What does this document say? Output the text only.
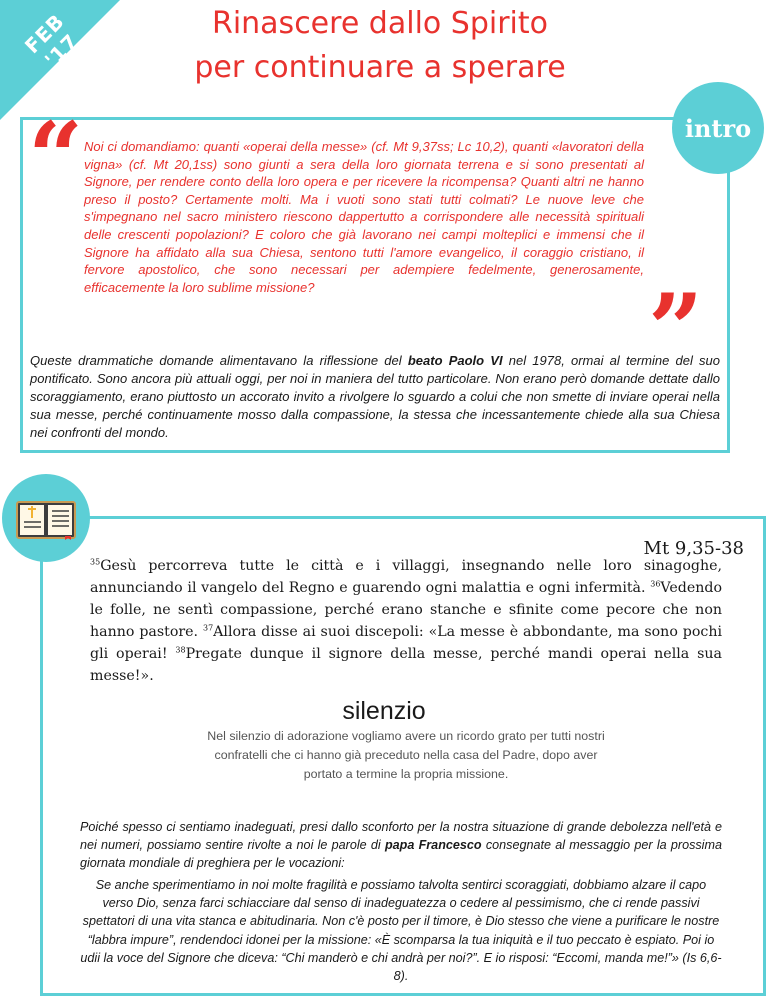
FEB '17
Rinascere dallo Spirito
per continuare a sperare
intro
“ Noi ci domandiamo: quanti «operai della messe» (cf. Mt 9,37ss; Lc 10,2), quanti «lavoratori della vigna» (cf. Mt 20,1ss) sono giunti a sera della loro giornata terrena e si sono presentati al Signore, per rendere conto della loro opera e per ricevere la ricompensa? Quanti altri ne hanno preso il posto? Certamente molti. Ma i vuoti sono stati tutti colmati? Le nuove leve che s'impegnano nel sacro ministero riescono dappertutto a corrispondere alle necessità spirituali delle crescenti popolazioni? E coloro che già lavorano nei campi molteplici e immensi che il Signore ha affidato alla sua Chiesa, sentono tutti l'amore evangelico, il coraggio cristiano, il fervore apostolico, che sono necessari per adempiere fedelmente, generosamente, efficacemente la loro sublime missione?	”

Queste drammatiche domande alimentavano la riflessione del beato Paolo VI nel 1978, ormai al termine del suo pontificato. Sono ancora più attuali oggi, per noi in maniera del tutto particolare. Non erano però domande dettate dallo scoraggiamento, erano piuttosto un accorato invito a rivolgere lo sguardo a colui che non smette di inviare operai nella sua messe, perché continuamente mosso dalla compassione, la stessa che incessantemente chiede alla sua Chiesa nei confronti del mondo.

Mt 9,35-38

$^{35}$Gesù percorreva tutte le città e i villaggi, insegnando nelle loro sinagoghe, annunciando il vangelo del Regno e guarendo ogni malattia e ogni infermità. $^{36}$Vedendo le folle, ne sentì compassione, perché erano stanche e sfinite come pecore che non hanno pastore. $^{37}$Allora disse ai suoi discepoli: «La messe è abbondante, ma sono pochi gli operai! $^{38}$Pregate dunque il signore della messe, perché mandi operai nella sua messe!».

silenzio

Nel silenzio di adorazione vogliamo avere un ricordo grato per tutti nostri confratelli che ci hanno già preceduto nella casa del Padre, dopo aver portato a termine la propria missione.

Poiché spesso ci sentiamo inadeguati, presi dallo sconforto per la nostra situazione di grande debolezza nell'età e nei numeri, possiamo sentire rivolte a noi le parole di papa Francesco consegnate al messaggio per la prossima giornata mondiale di preghiera per le vocazioni:

Se anche sperimentiamo in noi molte fragilità e possiamo talvolta sentirci scoraggiati, dobbiamo alzare il capo verso Dio, senza farci schiacciare dal senso di inadeguatezza o cedere al pessimismo, che ci rende passivi spettatori di una vita stanca e abitudinaria. Non c'è posto per il timore, è Dio stesso che viene a purificare le nostre “labbra impure”, rendendoci idonei per la missione: «È scomparsa la tua iniquità e il tuo peccato è espiato. Poi io udii la voce del Signore che diceva: “Chi manderò e chi andrà per noi?”. E io risposi: “Eccomi, manda me!”» (Is 6,6-8).
